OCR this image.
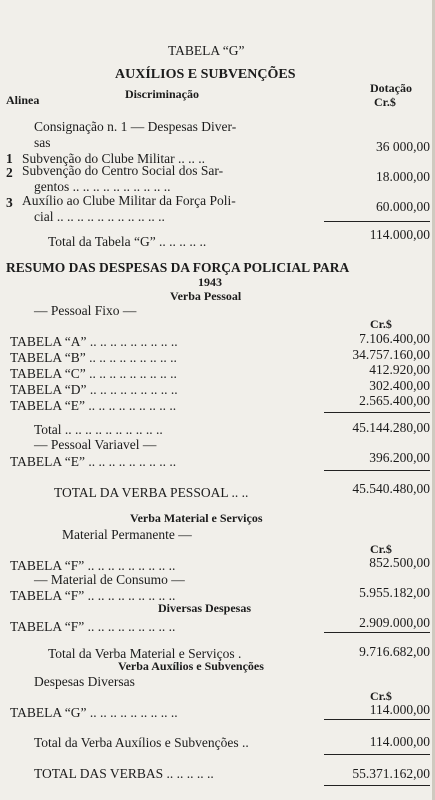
TABELA “G”
AUXÍLIOS E SUBVENÇÕES
Dotação
Alinea	Discriminação
Cr.$
Consignação n. 1 — Despesas Diver-
sas
1 Subvenção do Clube Militar .. .. ..
36 000,00
2 Subvenção do Centro Social dos Sar-
gentos .. .. .. .. .. .. .. .. .. ..
18.000,00
3 Auxílio ao Clube Militar da Força Poli-
cial .. .. .. .. .. .. .. .. .. .. ..
60.000,00
Total da Tabela “G” .. .. .. .. ..	114.000,00
RESUMO DAS DESPESAS DA FORÇA POLICIAL PARA
1943
Verba Pessoal
— Pessoal Fixo —
Cr.$
TABELA “A” .. .. .. .. .. .. .. .. ..	7.106.400,00
TABELA “B” .. .. .. .. .. .. .. .. ..	34.757.160,00
TABELA “C” .. .. .. .. .. .. .. .. ..	412.920,00
TABELA “D” .. .. .. .. .. .. .. .. ..	302.400,00
TABELA “E” .. .. .. .. .. .. .. .. ..	2.565.400,00
Total .. .. .. .. .. .. .. .. .. ..	45.144.280,00
— Pessoal Variavel —
TABELA “E” .. .. .. .. .. .. .. .. ..	396.200,00
TOTAL DA VERBA PESSOAL .. ..	45.540.480,00
Verba Material e Serviços
Material Permanente —
Cr.$
TABELA “F” .. .. .. .. .. .. .. .. ..	852.500,00
— Material de Consumo —
TABELA “F” .. .. .. .. .. .. .. .. ..	5.955.182,00
Diversas Despesas
TABELA “F” .. .. .. .. .. .. .. .. ..	2.909.000,00
Total da Verba Material e Serviços .	9.716.682,00
Verba Auxílios e Subvenções
Despesas Diversas
Cr.$
TABELA “G” .. .. .. .. .. .. .. .. ..	114.000,00
Total da Verba Auxílios e Subvenções ..	114.000,00
TOTAL DAS VERBAS .. .. .. .. ..	55.371.162,00
